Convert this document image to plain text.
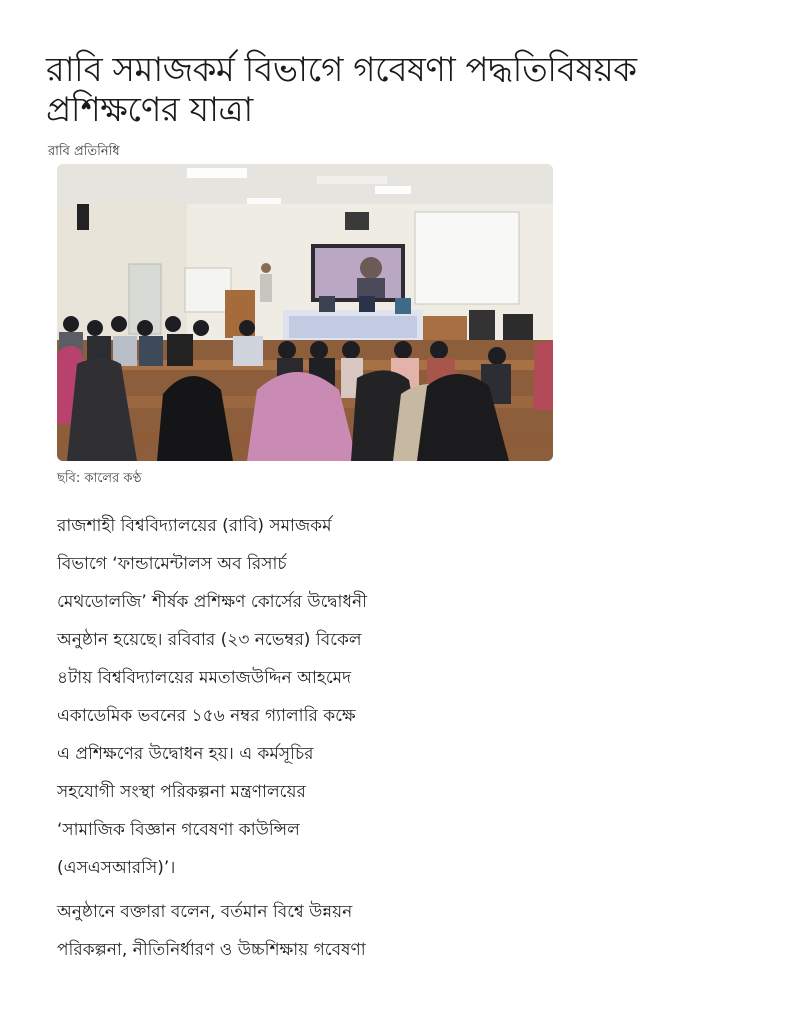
রাবি সমাজকর্ম বিভাগে গবেষণা পদ্ধতিবিষয়ক
প্রশিক্ষণের যাত্রা
রাবি প্রতিনিধি
ছবি: কালের কণ্ঠ

রাজশাহী বিশ্ববিদ্যালয়ের (রাবি) সমাজকর্ম
বিভাগে ‘ফান্ডামেন্টালস অব রিসার্চ
মেথডোলজি’ শীর্ষক প্রশিক্ষণ কোর্সের উদ্বোধনী
অনুষ্ঠান হয়েছে। রবিবার (২৩ নভেম্বর) বিকেল
৪টায় বিশ্ববিদ্যালয়ের মমতাজউদ্দিন আহমেদ
একাডেমিক ভবনের ১৫৬ নম্বর গ্যালারি কক্ষে
এ প্রশিক্ষণের উদ্বোধন হয়। এ কর্মসূচির
সহযোগী সংস্থা পরিকল্পনা মন্ত্রণালয়ের
‘সামাজিক বিজ্ঞান গবেষণা কাউন্সিল
(এসএসআরসি)’।

অনুষ্ঠানে বক্তারা বলেন, বর্তমান বিশ্বে উন্নয়ন
পরিকল্পনা, নীতিনির্ধারণ ও উচ্চশিক্ষায় গবেষণা
